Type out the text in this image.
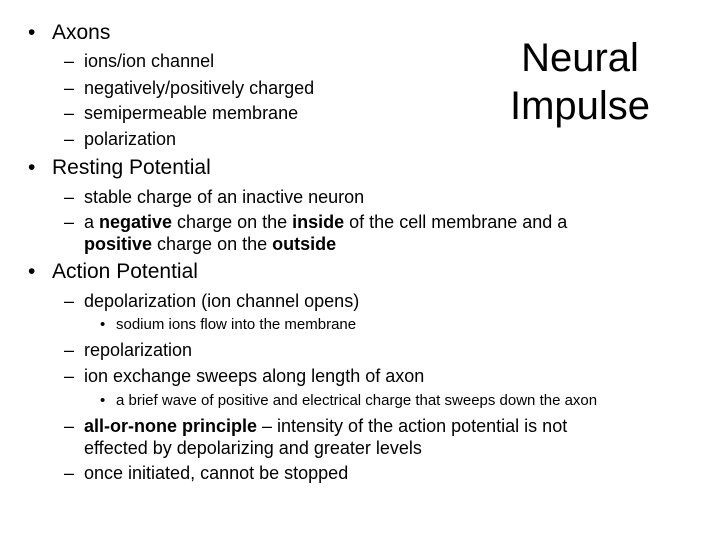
Neural
Impulse
• Axons
– ions/ion channel
– negatively/positively charged
– semipermeable membrane
– polarization
• Resting Potential
– stable charge of an inactive neuron
– a negative charge on the inside of the cell membrane and a
positive charge on the outside
• Action Potential
– depolarization (ion channel opens)
• sodium ions flow into the membrane
– repolarization
– ion exchange sweeps along length of axon
• a brief wave of positive and electrical charge that sweeps down the axon
– all-or-none principle – intensity of the action potential is not
effected by depolarizing and greater levels
– once initiated, cannot be stopped
